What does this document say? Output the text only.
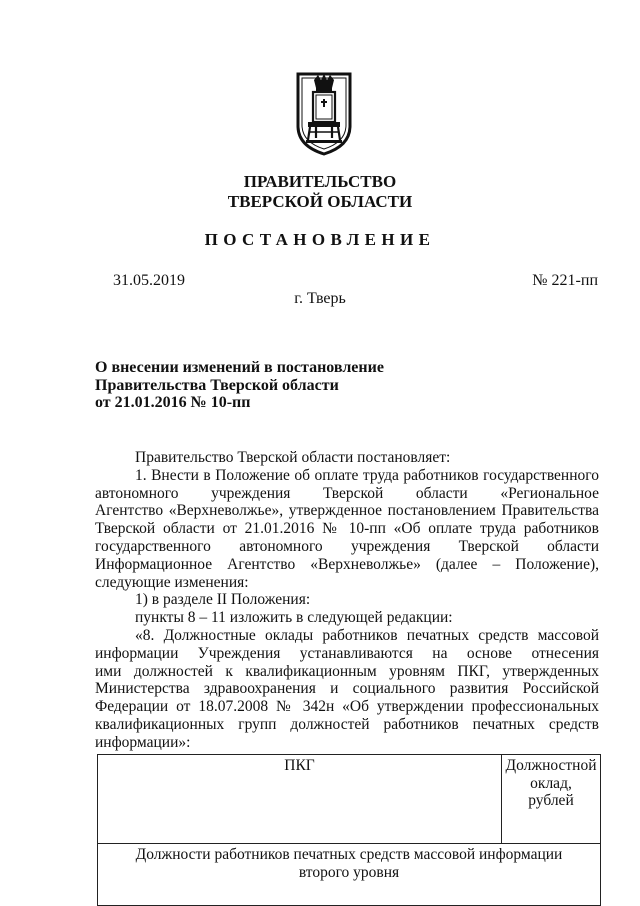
ПРАВИТЕЛЬСТВО
ТВЕРСКОЙ ОБЛАСТИ
ПОСТАНОВЛЕНИЕ
31.05.2019	№ 221-пп
г. Тверь
О внесении изменений в постановление
Правительства Тверской области
от 21.01.2016 № 10-пп
Правительство Тверской области постановляет:
1. Внести в Положение об оплате труда работников государственного
автономного учреждения Тверской области «Региональное
Агентство «Верхневолжье», утвержденное постановлением Правительства
Тверской области от 21.01.2016 № 10-пп «Об оплате труда работников
государственного автономного учреждения Тверской области
Информационное Агентство «Верхневолжье» (далее – Положение),
следующие изменения:
1) в разделе II Положения:
пункты 8 – 11 изложить в следующей редакции:
«8. Должностные оклады работников печатных средств массовой
информации Учреждения устанавливаются на основе отнесения
ими должностей к квалификационным уровням ПКГ, утвержденных
Министерства здравоохранения и социального развития Российской
Федерации от 18.07.2008 № 342н «Об утверждении профессиональных
квалификационных групп должностей работников печатных средств
информации»:
ПКГ	Должностной
оклад,
рублей

Должности работников печатных средств массовой информации
второго уровня
